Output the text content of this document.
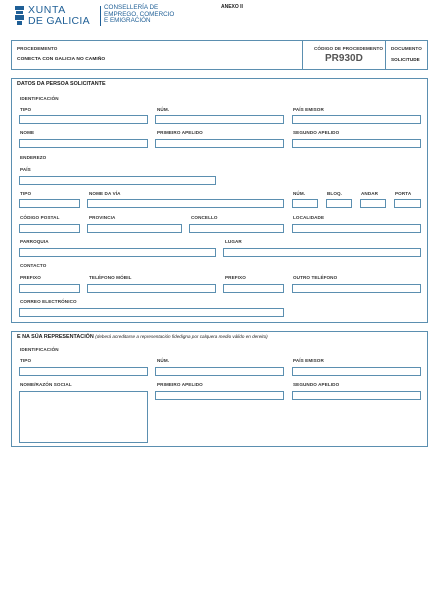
XUNTA
DE GALICIA
CONSELLERÍA DE
EMPREGO, COMERCIO
E EMIGRACIÓN
ANEXO II
PROCEDEMENTO
CONECTA CON GALICIA NO CAMIÑO
CÓDIGO DE PROCEDEMENTO
PR930D
DOCUMENTO
SOLICITUDE
DATOS DA PERSOA SOLICITANTE
IDENTIFICACIÓN
TIPO	NÚM.	PAÍS EMISOR
NOME	PRIMEIRO APELIDO	SEGUNDO APELIDO
ENDEREZO
PAÍS
TIPO	NOME DA VÍA	NÚM.	BLOQ.	ANDAR	PORTA
CÓDIGO POSTAL	PROVINCIA	CONCELLO	LOCALIDADE
PARROQUIA	LUGAR
CONTACTO
PREFIXO	TELÉFONO MÓBIL	PREFIXO	OUTRO TELÉFONO
CORREO ELECTRÓNICO
E NA SÚA REPRESENTACIÓN (deberá acreditarse a representación fidedigna por calquera medio válido en dereito)
IDENTIFICACIÓN
TIPO	NÚM.	PAÍS EMISOR
NOME/RAZÓN SOCIAL	PRIMEIRO APELIDO	SEGUNDO APELIDO
